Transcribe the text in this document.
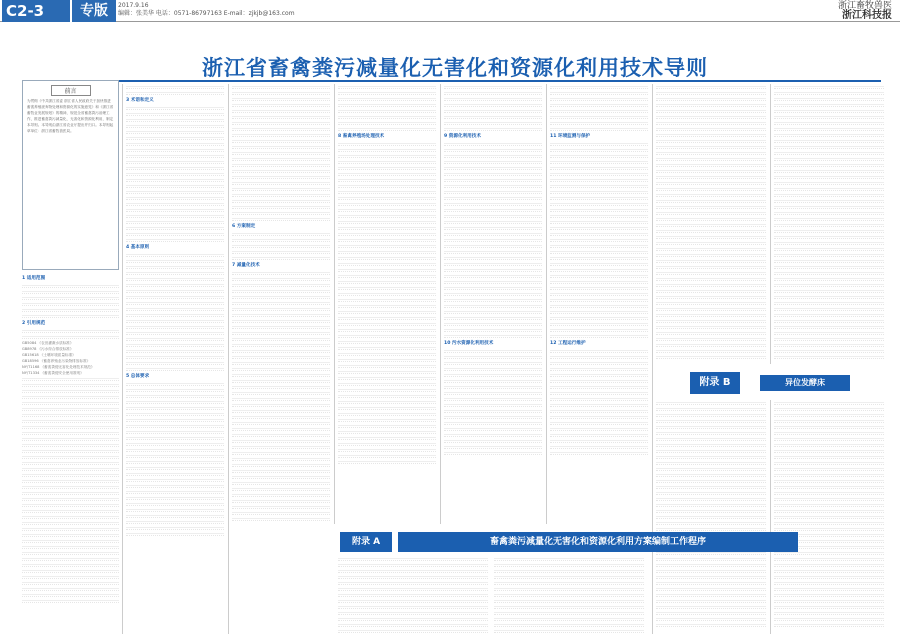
C2-3	专版	2017.9.16
编辑：张美华 电话：0571-86797163 E-mail：zjkjb@163.com
浙江畜牧兽医
浙江科技报
浙江省畜禽粪污减量化无害化和资源化利用技术导则
前言
为贯彻《中共浙江省委 浙江省人民政府关于加快推进畜禽养殖废弃物处理和资源化的实施意见》和《浙江省畜牧业发展规划》的精神，规范全省畜禽粪污治理工作，推进畜禽粪污减量化、无害化和资源化利用，制定本导则。本导则由浙江省农业厅提出并归口。本导则起草单位：浙江省畜牧兽医局。
1 适用范围
2 引用规范
GB5084 《农田灌溉水质标准》
GB8978 《污水综合排放标准》
GB15618 《土壤环境质量标准》
GB18596 《畜禽养殖业污染物排放标准》
NY/T1168 《畜禽粪便无害化处理技术规范》
NY/T1334 《畜禽粪便安全使用准则》
3 术语和定义
4 基本原则
5 总体要求
6 方案制定
7 减量化技术
8 畜禽养殖场处理技术	9 资源化利用技术
10 污水资源化利用技术
11 环境监测与保护
12 工程运行维护
附录 B	异位发酵床
附录 A	畜禽粪污减量化无害化和资源化利用方案编制工作程序
